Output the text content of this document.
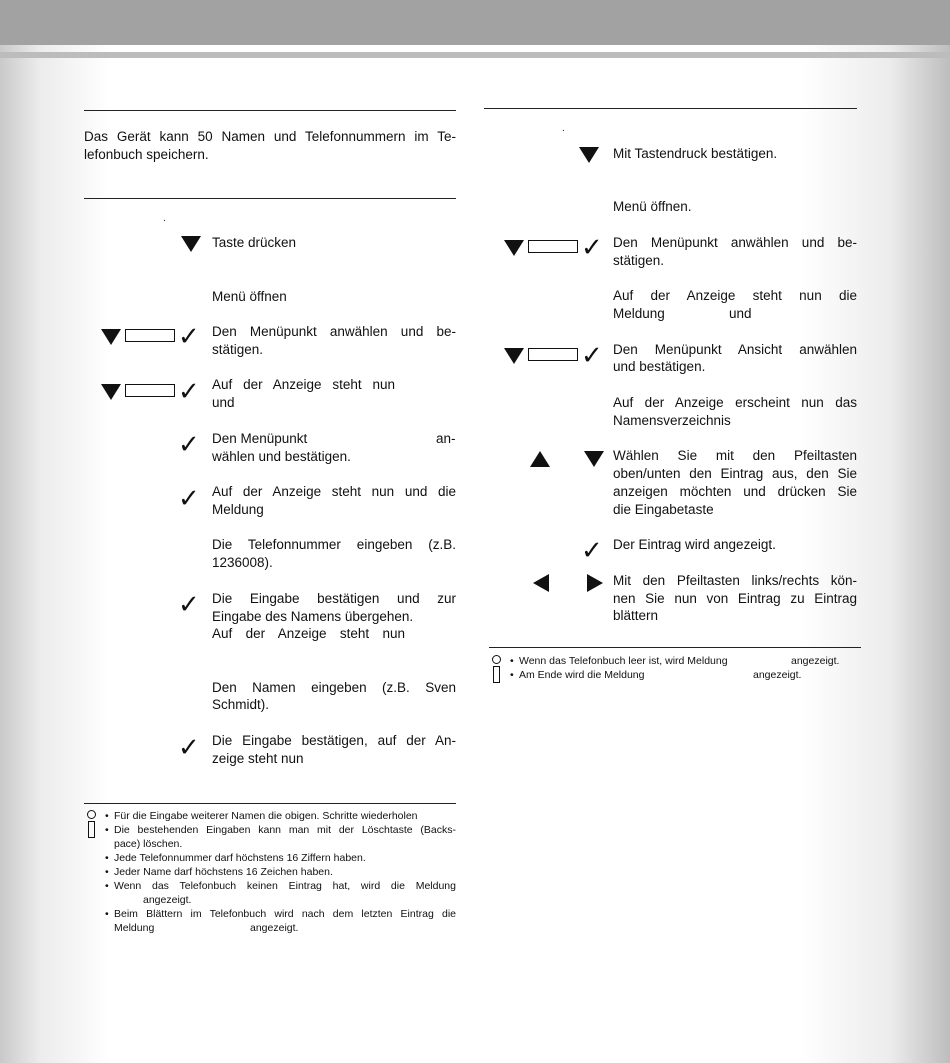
Das Gerät kann 50 Namen und Telefonnummern im Te-
lefonbuch speichern.
.
Taste drücken
Menü öffnen
✓ Den Menüpunkt anwählen und be-
stätigen.
✓ Auf der Anzeige steht nun
und
✓ Den Menüpunkt	an-
wählen und bestätigen.
✓ Auf der Anzeige steht nun und die
Meldung
Die Telefonnummer eingeben (z.B.
1236008).
✓ Die Eingabe bestätigen und zur
Eingabe des Namens übergehen.
Auf der Anzeige steht nun
Den Namen eingeben (z.B. Sven
Schmidt).
✓ Die Eingabe bestätigen, auf der An-
zeige steht nun
• Für die Eingabe weiterer Namen die obigen. Schritte wiederholen
• Die bestehenden Eingaben kann man mit der Löschtaste (Backs-
pace) löschen.
• Jede Telefonnummer darf höchstens 16 Ziffern haben.
• Jeder Name darf höchstens 16 Zeichen haben.
• Wenn das Telefonbuch keinen Eintrag hat, wird die Meldung
angezeigt.
• Beim Blättern im Telefonbuch wird nach dem letzten Eintrag die
Meldung	angezeigt.
.
Mit Tastendruck bestätigen.
Menü öffnen.
✓ Den Menüpunkt anwählen und be-
stätigen.
Auf der Anzeige steht nun die
Meldung	und
✓ Den Menüpunkt Ansicht anwählen
und bestätigen.
Auf der Anzeige erscheint nun das
Namensverzeichnis
Wählen Sie mit den Pfeiltasten
oben/unten den Eintrag aus, den Sie
anzeigen möchten und drücken Sie
die Eingabetaste
✓ Der Eintrag wird angezeigt.
Mit den Pfeiltasten links/rechts kön-
nen Sie nun von Eintrag zu Eintrag
blättern
• Wenn das Telefonbuch leer ist, wird Meldung	angezeigt.
• Am Ende wird die Meldung	angezeigt.
